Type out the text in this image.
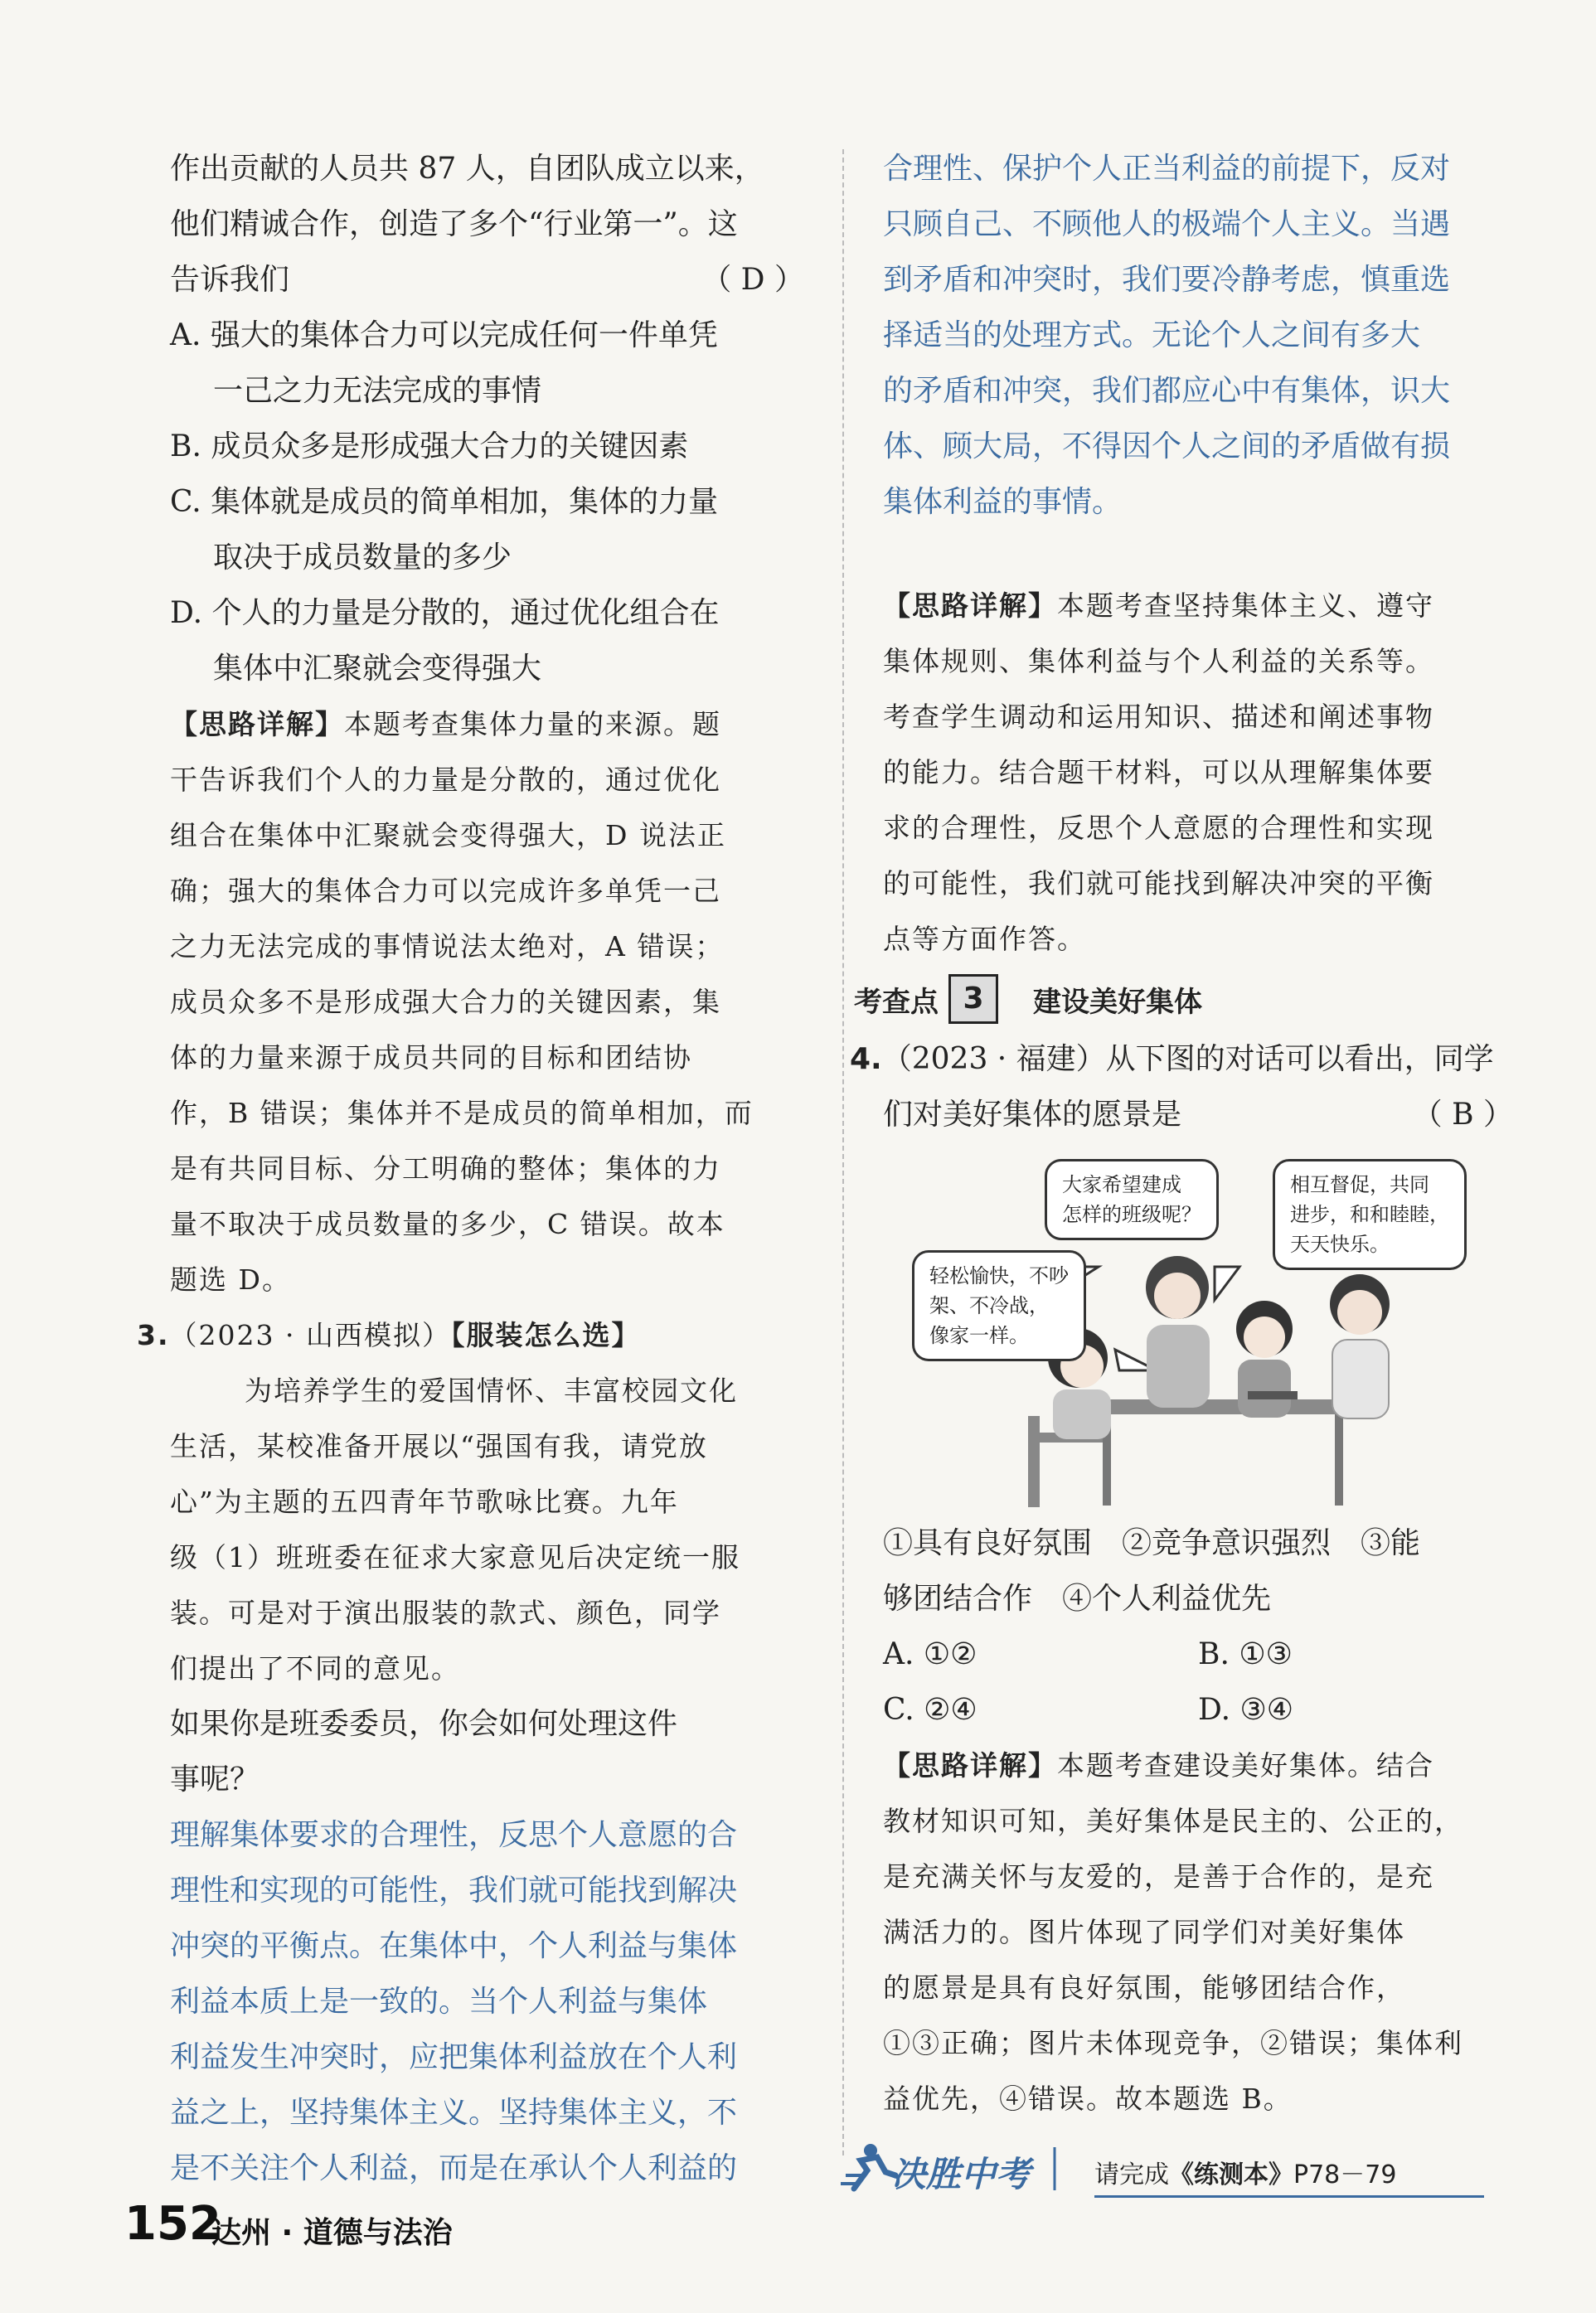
作出贡献的人员共 87 人，自团队成立以来，
他们精诚合作，创造了多个“行业第一”。这
告诉我们	（ D ）
A. 强大的集体合力可以完成任何一件单凭
一己之力无法完成的事情
B. 成员众多是形成强大合力的关键因素
C. 集体就是成员的简单相加，集体的力量
取决于成员数量的多少
D. 个人的力量是分散的，通过优化组合在
集体中汇聚就会变得强大
【思路详解】本题考查集体力量的来源。题
干告诉我们个人的力量是分散的，通过优化
组合在集体中汇聚就会变得强大，D 说法正
确；强大的集体合力可以完成许多单凭一己
之力无法完成的事情说法太绝对，A 错误；
成员众多不是形成强大合力的关键因素，集
体的力量来源于成员共同的目标和团结协
作，B 错误；集体并不是成员的简单相加，而
是有共同目标、分工明确的整体；集体的力
量不取决于成员数量的多少，C 错误。故本
题选 D。
3.（2023 · 山西模拟）【服装怎么选】
为培养学生的爱国情怀、丰富校园文化
生活，某校准备开展以“强国有我，请党放
心”为主题的五四青年节歌咏比赛。九年
级（1）班班委在征求大家意见后决定统一服
装。可是对于演出服装的款式、颜色，同学
们提出了不同的意见。
如果你是班委委员，你会如何处理这件
事呢？
理解集体要求的合理性，反思个人意愿的合
理性和实现的可能性，我们就可能找到解决
冲突的平衡点。在集体中，个人利益与集体
利益本质上是一致的。当个人利益与集体
利益发生冲突时，应把集体利益放在个人利
益之上，坚持集体主义。坚持集体主义，不
是不关注个人利益，而是在承认个人利益的
合理性、保护个人正当利益的前提下，反对
只顾自己、不顾他人的极端个人主义。当遇
到矛盾和冲突时，我们要冷静考虑，慎重选
择适当的处理方式。无论个人之间有多大
的矛盾和冲突，我们都应心中有集体，识大
体、顾大局，不得因个人之间的矛盾做有损
集体利益的事情。
【思路详解】本题考查坚持集体主义、遵守
集体规则、集体利益与个人利益的关系等。
考查学生调动和运用知识、描述和阐述事物
的能力。结合题干材料，可以从理解集体要
求的合理性，反思个人意愿的合理性和实现
的可能性，我们就可能找到解决冲突的平衡
点等方面作答。
考查点 3	建设美好集体
4.（2023 · 福建）从下图的对话可以看出，同学
们对美好集体的愿景是	（ B ）
大家希望建成
怎样的班级呢？
相互督促，共同
进步，和和睦睦，
天天快乐。
轻松愉快，不吵
架、不冷战，
像家一样。
①具有良好氛围　②竞争意识强烈　③能
够团结合作　④个人利益优先
A. ①②	B. ①③
C. ②④	D. ③④
【思路详解】本题考查建设美好集体。结合
教材知识可知，美好集体是民主的、公正的，
是充满关怀与友爱的，是善于合作的，是充
满活力的。图片体现了同学们对美好集体
的愿景是具有良好氛围，能够团结合作，
①③正确；图片未体现竞争，②错误；集体利
益优先，④错误。故本题选 B。
152
达州 · 道德与法治
决胜中考	请完成《练测本》P78－79
